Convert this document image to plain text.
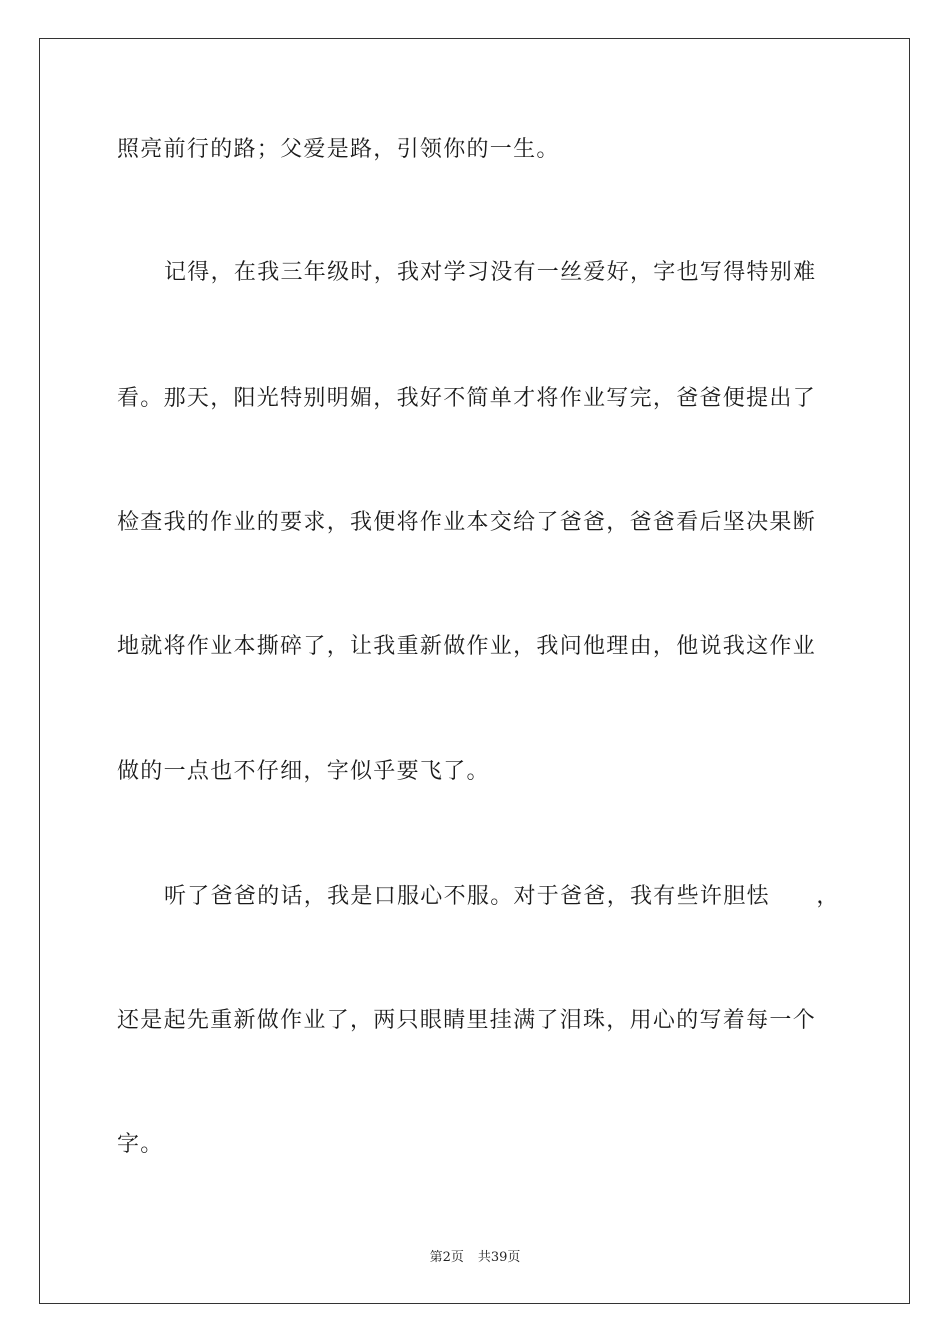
照亮前行的路；父爱是路，引领你的一生。
记得，在我三年级时，我对学习没有一丝爱好，字也写得特别难
看。那天，阳光特别明媚，我好不简单才将作业写完，爸爸便提出了
检查我的作业的要求，我便将作业本交给了爸爸，爸爸看后坚决果断
地就将作业本撕碎了，让我重新做作业，我问他理由，他说我这作业
做的一点也不仔细，字似乎要飞了。
听了爸爸的话，我是口服心不服。对于爸爸，我有些许胆怯　　，
还是起先重新做作业了，两只眼睛里挂满了泪珠，用心的写着每一个
字。
第2页 共39页
